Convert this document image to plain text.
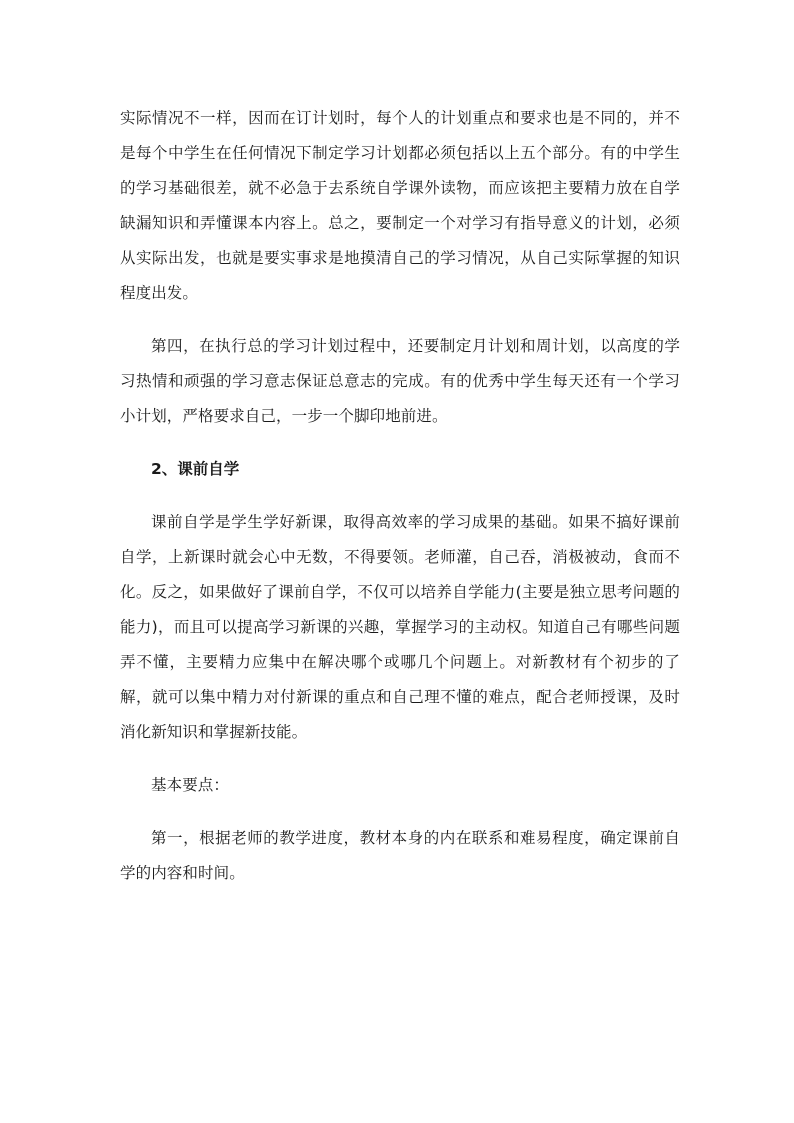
实际情况不一样，因而在订计划时，每个人的计划重点和要求也是不同的，并不是每个中学生在任何情况下制定学习计划都必须包括以上五个部分。有的中学生的学习基础很差，就不必急于去系统自学课外读物，而应该把主要精力放在自学缺漏知识和弄懂课本内容上。总之，要制定一个对学习有指导意义的计划，必须从实际出发，也就是要实事求是地摸清自己的学习情况，从自己实际掌握的知识程度出发。

第四，在执行总的学习计划过程中，还要制定月计划和周计划，以高度的学习热情和顽强的学习意志保证总意志的完成。有的优秀中学生每天还有一个学习小计划，严格要求自己，一步一个脚印地前进。

2、课前自学

课前自学是学生学好新课，取得高效率的学习成果的基础。如果不搞好课前自学，上新课时就会心中无数，不得要领。老师灌，自己吞，消极被动，食而不化。反之，如果做好了课前自学，不仅可以培养自学能力(主要是独立思考问题的能力)，而且可以提高学习新课的兴趣，掌握学习的主动权。知道自己有哪些问题弄不懂，主要精力应集中在解决哪个或哪几个问题上。对新教材有个初步的了解，就可以集中精力对付新课的重点和自己理不懂的难点，配合老师授课，及时消化新知识和掌握新技能。

基本要点：

第一，根据老师的教学进度，教材本身的内在联系和难易程度，确定课前自学的内容和时间。
